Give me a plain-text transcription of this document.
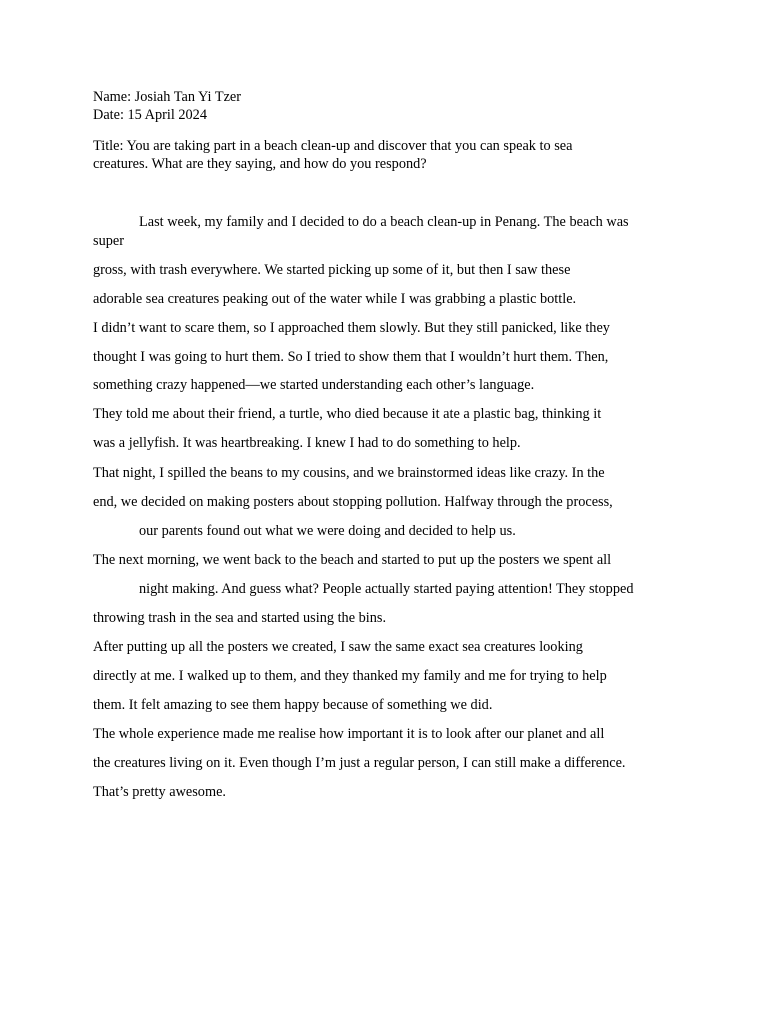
Name: Josiah Tan Yi Tzer
Date: 15 April 2024
Title: You are taking part in a beach clean-up and discover that you can speak to sea
creatures. What are they saying, and how do you respond?
Last week, my family and I decided to do a beach clean-up in Penang. The beach was
super
gross, with trash everywhere. We started picking up some of it, but then I saw these
adorable sea creatures peaking out of the water while I was grabbing a plastic bottle.
I didn’t want to scare them, so I approached them slowly. But they still panicked, like they
thought I was going to hurt them. So I tried to show them that I wouldn’t hurt them. Then,
something crazy happened—we started understanding each other’s language.
They told me about their friend, a turtle, who died because it ate a plastic bag, thinking it
was a jellyfish. It was heartbreaking. I knew I had to do something to help.
That night, I spilled the beans to my cousins, and we brainstormed ideas like crazy. In the
end, we decided on making posters about stopping pollution. Halfway through the process,
our parents found out what we were doing and decided to help us.
The next morning, we went back to the beach and started to put up the posters we spent all
night making. And guess what? People actually started paying attention! They stopped
throwing trash in the sea and started using the bins.
After putting up all the posters we created, I saw the same exact sea creatures looking
directly at me. I walked up to them, and they thanked my family and me for trying to help
them. It felt amazing to see them happy because of something we did.
The whole experience made me realise how important it is to look after our planet and all
the creatures living on it. Even though I’m just a regular person, I can still make a difference.
That’s pretty awesome.
